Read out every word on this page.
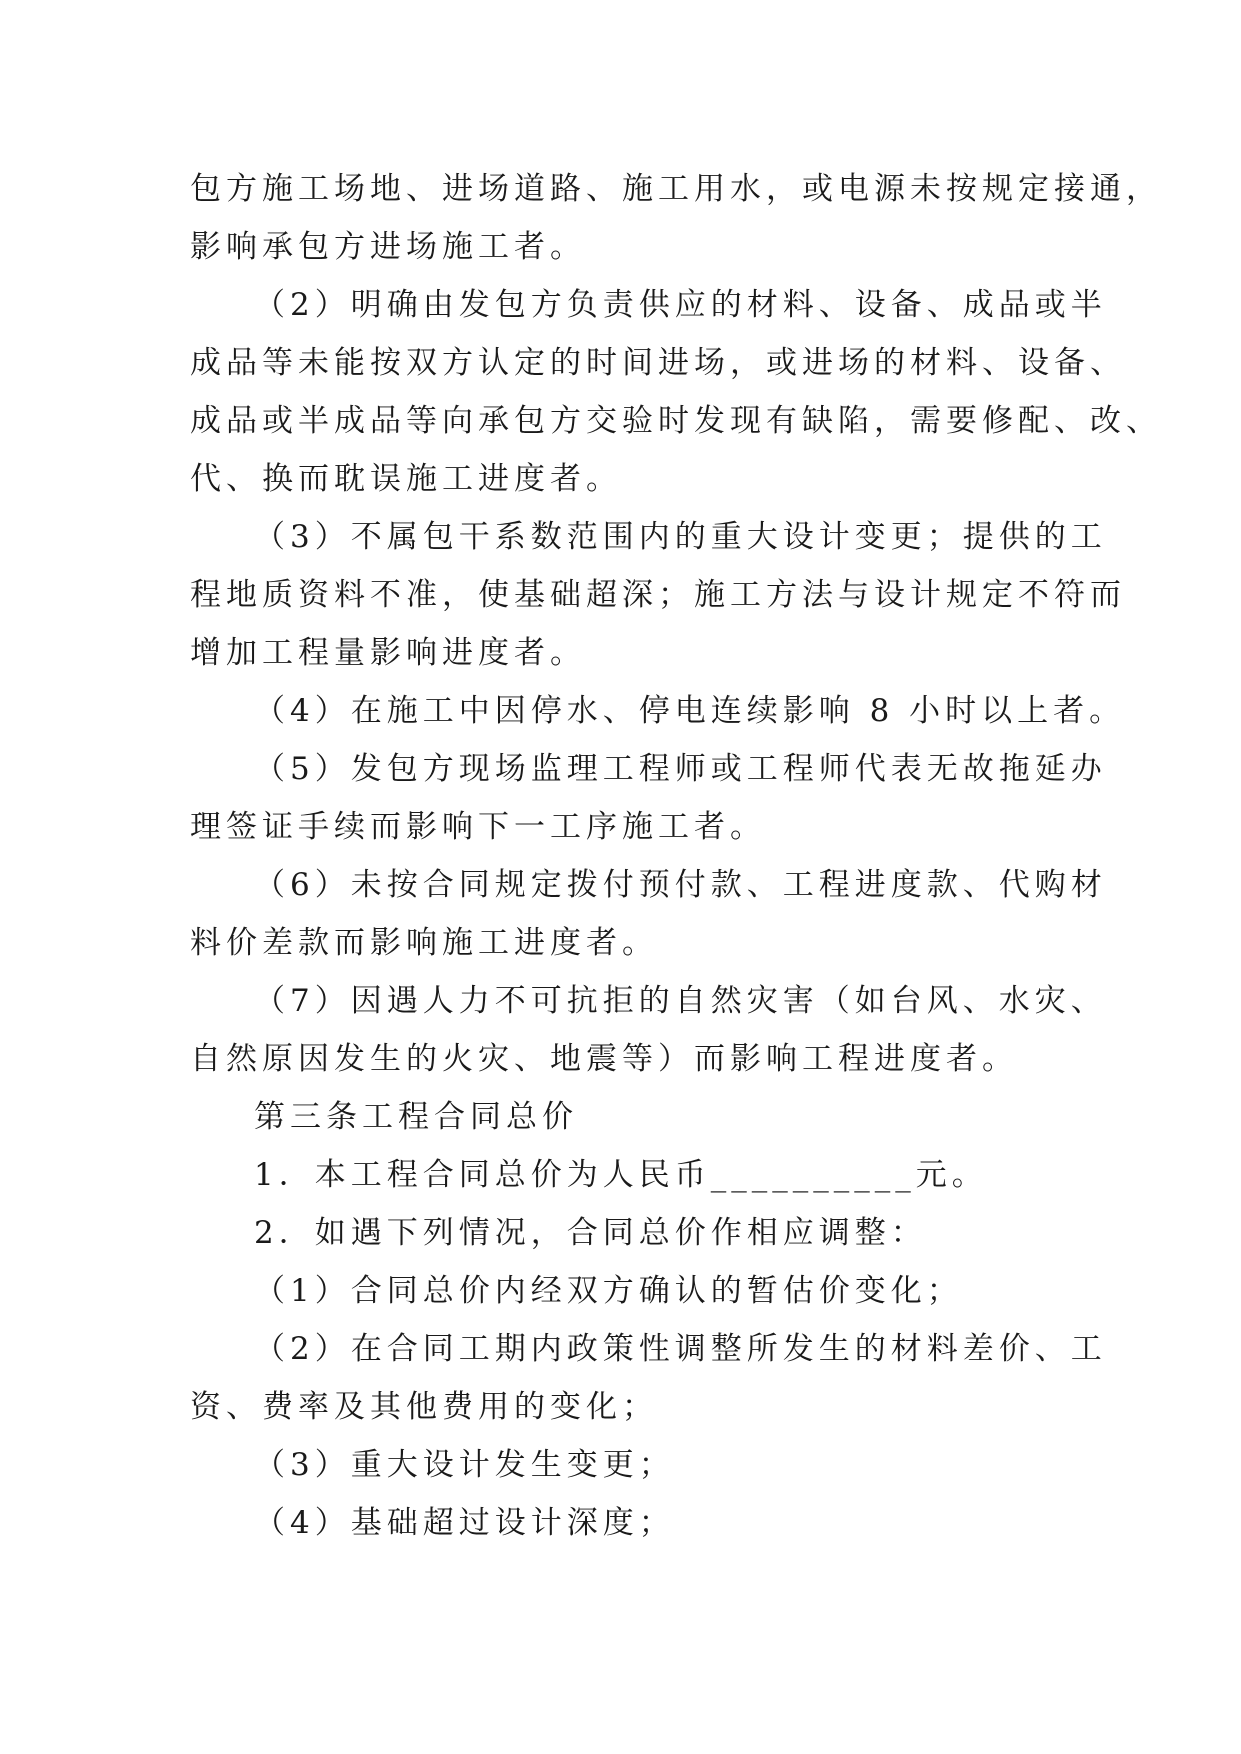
包方施工场地、进场道路、施工用水，或电源未按规定接通，
影响承包方进场施工者。
（2）明确由发包方负责供应的材料、设备、成品或半
成品等未能按双方认定的时间进场，或进场的材料、设备、
成品或半成品等向承包方交验时发现有缺陷，需要修配、改、
代、换而耽误施工进度者。
（3）不属包干系数范围内的重大设计变更；提供的工
程地质资料不准，使基础超深；施工方法与设计规定不符而
增加工程量影响进度者。
（4）在施工中因停水、停电连续影响 8 小时以上者。
（5）发包方现场监理工程师或工程师代表无故拖延办
理签证手续而影响下一工序施工者。
（6）未按合同规定拨付预付款、工程进度款、代购材
料价差款而影响施工进度者。
（7）因遇人力不可抗拒的自然灾害（如台风、水灾、
自然原因发生的火灾、地震等）而影响工程进度者。
第三条工程合同总价
1．本工程合同总价为人民币__________元。
2．如遇下列情况，合同总价作相应调整：
（1）合同总价内经双方确认的暂估价变化；
（2）在合同工期内政策性调整所发生的材料差价、工
资、费率及其他费用的变化；
（3）重大设计发生变更；
（4）基础超过设计深度；
